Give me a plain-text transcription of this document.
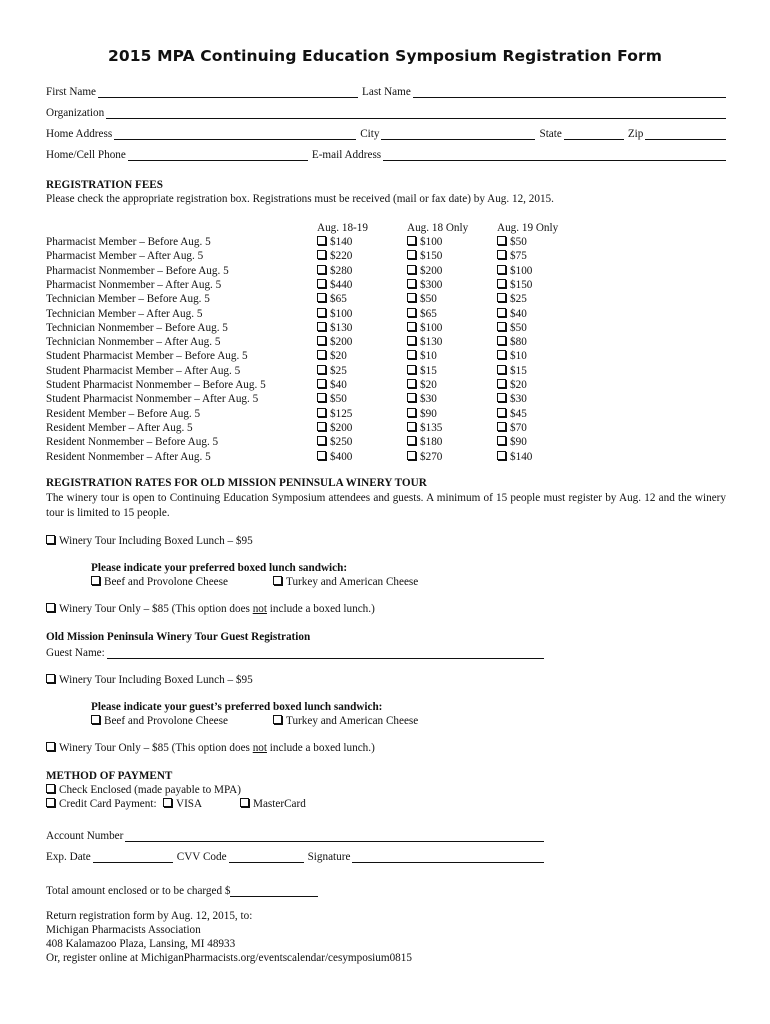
2015 MPA Continuing Education Symposium Registration Form
First Name	Last Name
Organization
Home Address	City	State	Zip
Home/Cell Phone	E-mail Address
REGISTRATION FEES
Please check the appropriate registration box. Registrations must be received (mail or fax date) by Aug. 12, 2015.
Aug. 18-19	Aug. 18 Only	Aug. 19 Only
Pharmacist Member – Before Aug. 5	$140	$100	$50
Pharmacist Member – After Aug. 5	$220	$150	$75
Pharmacist Nonmember – Before Aug. 5	$280	$200	$100
Pharmacist Nonmember – After Aug. 5	$440	$300	$150
Technician Member – Before Aug. 5	$65	$50	$25
Technician Member – After Aug. 5	$100	$65	$40
Technician Nonmember – Before Aug. 5	$130	$100	$50
Technician Nonmember – After Aug. 5	$200	$130	$80
Student Pharmacist Member – Before Aug. 5	$20	$10	$10
Student Pharmacist Member – After Aug. 5	$25	$15	$15
Student Pharmacist Nonmember – Before Aug. 5	$40	$20	$20
Student Pharmacist Nonmember – After Aug. 5	$50	$30	$30
Resident Member – Before Aug. 5	$125	$90	$45
Resident Member – After Aug. 5	$200	$135	$70
Resident Nonmember – Before Aug. 5	$250	$180	$90
Resident Nonmember – After Aug. 5	$400	$270	$140
REGISTRATION RATES FOR OLD MISSION PENINSULA WINERY TOUR
The winery tour is open to Continuing Education Symposium attendees and guests. A minimum of 15 people must register by Aug. 12 and the winery tour is limited to 15 people.
Winery Tour Including Boxed Lunch – $95
Please indicate your preferred boxed lunch sandwich:
Beef and Provolone Cheese	Turkey and American Cheese
Winery Tour Only – $85 (This option does not include a boxed lunch.)
Old Mission Peninsula Winery Tour Guest Registration
Guest Name:
Winery Tour Including Boxed Lunch – $95
Please indicate your guest’s preferred boxed lunch sandwich:
Beef and Provolone Cheese	Turkey and American Cheese
Winery Tour Only – $85 (This option does not include a boxed lunch.)
METHOD OF PAYMENT
Check Enclosed (made payable to MPA)
Credit Card Payment:	VISA	MasterCard
Account Number
Exp. Date	CVV Code	Signature
Total amount enclosed or to be charged $
Return registration form by Aug. 12, 2015, to:
Michigan Pharmacists Association
408 Kalamazoo Plaza, Lansing, MI 48933
Or, register online at MichiganPharmacists.org/eventscalendar/cesymposium0815
